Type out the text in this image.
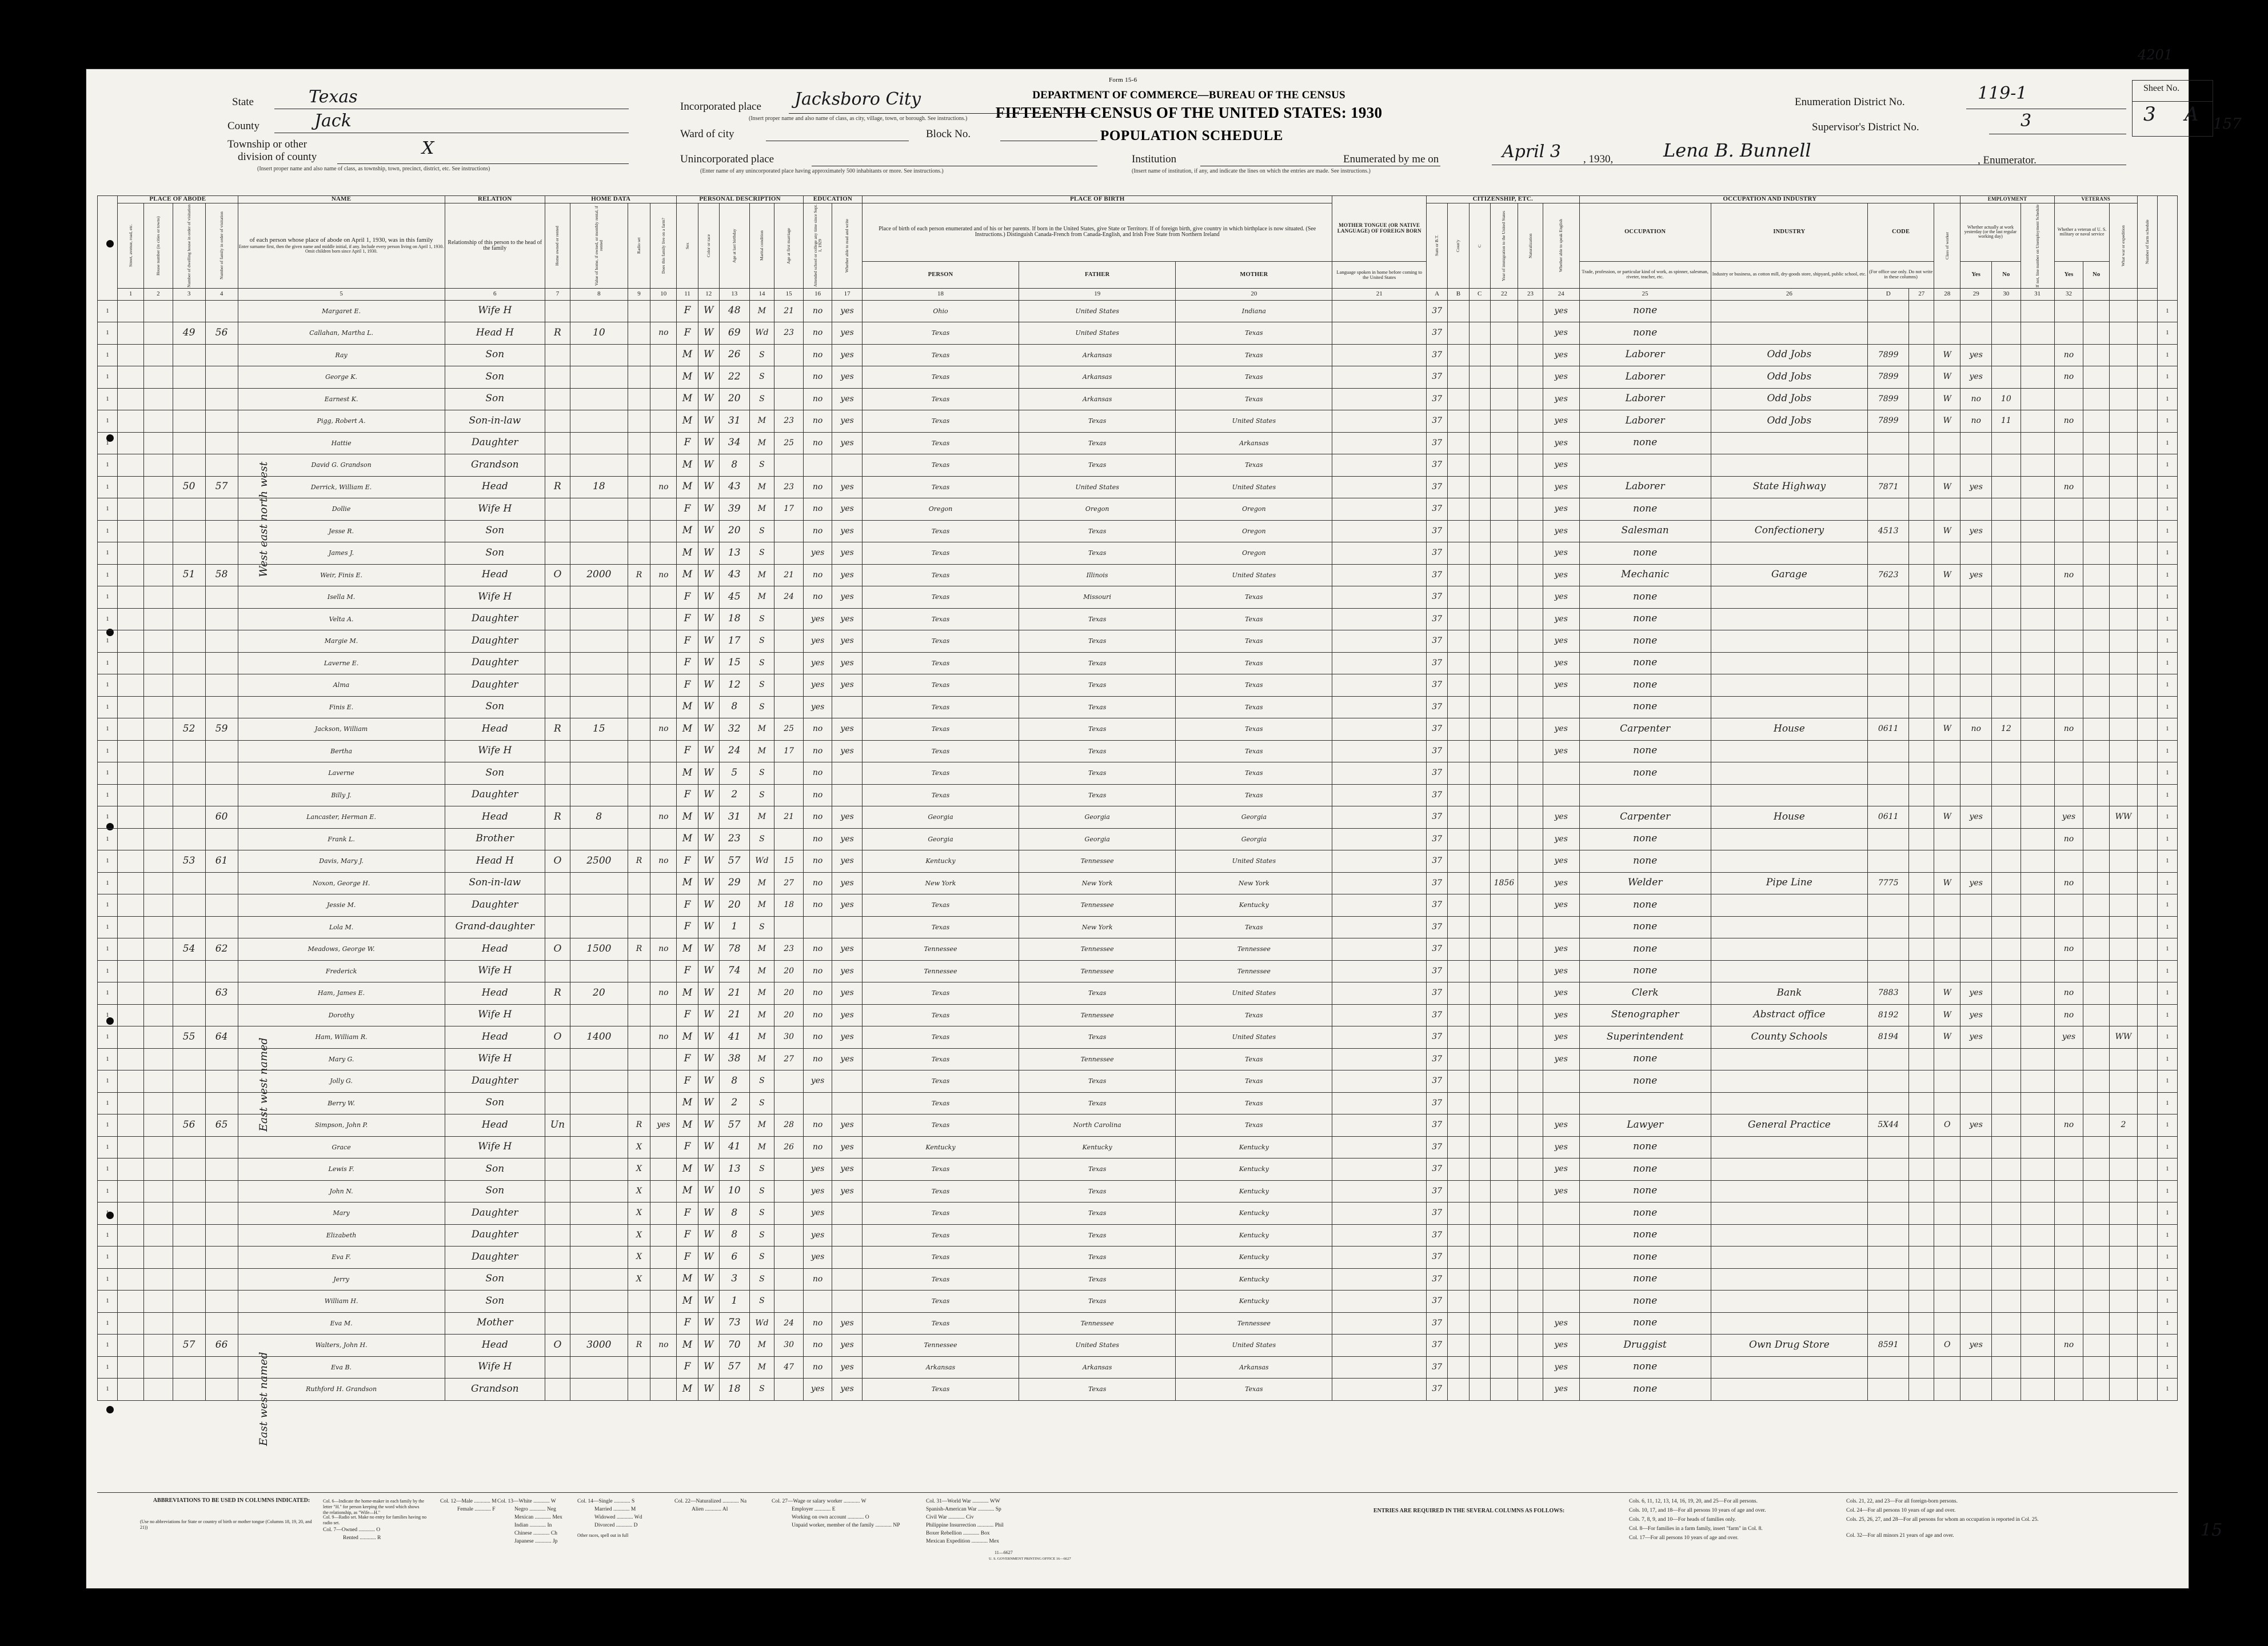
Form 15-6
DEPARTMENT OF COMMERCE—BUREAU OF THE CENSUS
FIFTEENTH CENSUS OF THE UNITED STATES: 1930
POPULATION SCHEDULE
State	Texas
County	Jack
Township or other
division of county	X
(Insert proper name and also name of class, as township, town, precinct, district, etc. See instructions)
Incorporated place Jacksboro City
(Insert proper name and also name of class, as city, village, town, or borough. See instructions.)
Ward of city	Block No.
Unincorporated place
(Enter name of any unincorporated place having approximately 500 inhabitants or more. See instructions.)
Institution
(Insert name of institution, if any, and indicate the lines on which the entries are made. See instructions.)
Enumeration District No.	119-1
Supervisor's District No.	3
Sheet No.
3 A 157
4201
Enumerated by me on	April 3 , 1930,	Lena B. Bunnell	, Enumerator.
West east north west
East west named
East west named
	PLACE OF ABODE				NAME	RELATION	HOME DATA				PERSONAL DESCRIPTION					EDUCATION		PLACE OF BIRTH			MOTHER TONGUE (OR NATIVE LANGUAGE) OF FOREIGN BORN	CITIZENSHIP, ETC.						OCCUPATION AND INDUSTRY					EMPLOYMENT			VETERANS			Number of farm schedule	

Street, avenue, road, etc.	House number (in cities or towns)	Number of dwelling house in order of visitation	Number of family in order of visitation	of each person whose place of abode on April 1, 1930, was in this family
Enter surname first, then the given name and middle initial, if any. Include every person living on April 1, 1930. Omit children born since April 1, 1930.

Relationship of this person to the head of the family	Home owned or rented	Value of home, if owned, or monthly rental, if rented	Radio set	Does this family live on a farm?	Sex	Color or race	Age at last birthday	Marital condition	Age at first marriage	Attended school or college any time since Sept. 1, 1929	Whether able to read and write	Place of birth of each person enumerated and of his or her parents. If born in the United States, give State or Territory. If of foreign birth, give country in which birthplace is now situated. (See Instructions.) Distinguish Canada-French from Canada-English, and Irish Free State from Northern Ireland

Sum or B.T.	Coun'y	C	Year of immigration to the United States	Naturalization	Whether able to speak English	OCCUPATION	INDUSTRY	CODE	Class of worker

Whether actually at work yesterday (or the last regular working day)	If not, line number on Unemployment Schedule	Whether a veteran of U. S. military or naval service	What war or expedition

																		PERSON	FATHER	MOTHER	Language spoken in home before coming to the United States							Trade, profession, or particular kind of work, as spinner, salesman, riveter, teacher, etc.	Industry or business, as cotton mill, dry-goods store, shipyard, public school, etc.	(For office use only. Do not write in these columns)			Yes	No		Yes	No			
	1	2	3	4	5	6	7	8	9	10	11	12	13	14	15	16	17	18	19	20	21	A	B	C	22	23	24	25	26	D	27	28	29	30	31	32				
1					Margaret E.	Wife H					F	W	48	M	21	no	yes	Ohio	United States	Indiana		37					yes	none												1
1			49	56	Callahan, Martha L.	Head H	R	10		no	F	W	69	Wd	23	no	yes	Texas	United States	Texas		37					yes	none												1
1					Ray	Son					M	W	26	S		no	yes	Texas	Arkansas	Texas		37					yes	Laborer	Odd Jobs	7899		W	yes			no				1
1					George K.	Son					M	W	22	S		no	yes	Texas	Arkansas	Texas		37					yes	Laborer	Odd Jobs	7899		W	yes			no				1
1					Earnest K.	Son					M	W	20	S		no	yes	Texas	Arkansas	Texas		37					yes	Laborer	Odd Jobs	7899		W	no	10						1
1					Pigg, Robert A.	Son-in-law					M	W	31	M	23	no	yes	Texas	Texas	United States		37					yes	Laborer	Odd Jobs	7899		W	no	11		no				1
1					Hattie	Daughter					F	W	34	M	25	no	yes	Texas	Texas	Arkansas		37					yes	none												1
1					David G. Grandson	Grandson					M	W	8	S				Texas	Texas	Texas		37					yes													1
1			50	57	Derrick, William E.	Head	R	18		no	M	W	43	M	23	no	yes	Texas	United States	United States		37					yes	Laborer	State Highway	7871		W	yes			no				1
1					Dollie	Wife H					F	W	39	M	17	no	yes	Oregon	Oregon	Oregon		37					yes	none												1
1					Jesse R.	Son					M	W	20	S		no	yes	Texas	Texas	Oregon		37					yes	Salesman	Confectionery	4513		W	yes							1
1					James J.	Son					M	W	13	S		yes	yes	Texas	Texas	Oregon		37					yes	none												1
1			51	58	Weir, Finis E.	Head	O	2000	R	no	M	W	43	M	21	no	yes	Texas	Illinois	United States		37					yes	Mechanic	Garage	7623		W	yes			no				1
1					Isella M.	Wife H					F	W	45	M	24	no	yes	Texas	Missouri	Texas		37					yes	none												1
1					Velta A.	Daughter					F	W	18	S		yes	yes	Texas	Texas	Texas		37					yes	none												1
1					Margie M.	Daughter					F	W	17	S		yes	yes	Texas	Texas	Texas		37					yes	none												1
1					Laverne E.	Daughter					F	W	15	S		yes	yes	Texas	Texas	Texas		37					yes	none												1
1					Alma	Daughter					F	W	12	S		yes	yes	Texas	Texas	Texas		37					yes	none												1
1					Finis E.	Son					M	W	8	S		yes		Texas	Texas	Texas		37						none												1
1			52	59	Jackson, William	Head	R	15		no	M	W	32	M	25	no	yes	Texas	Texas	Texas		37					yes	Carpenter	House	0611		W	no	12		no				1
1					Bertha	Wife H					F	W	24	M	17	no	yes	Texas	Texas	Texas		37					yes	none												1
1					Laverne	Son					M	W	5	S		no		Texas	Texas	Texas		37						none												1
1					Billy J.	Daughter					F	W	2	S		no		Texas	Texas	Texas		37																		1
1				60	Lancaster, Herman E.	Head	R	8		no	M	W	31	M	21	no	yes	Georgia	Georgia	Georgia		37					yes	Carpenter	House	0611		W	yes			yes		WW		1
1					Frank L.	Brother					M	W	23	S		no	yes	Georgia	Georgia	Georgia		37					yes	none								no				1
1			53	61	Davis, Mary J.	Head H	O	2500	R	no	F	W	57	Wd	15	no	yes	Kentucky	Tennessee	United States		37					yes	none												1
1					Noxon, George H.	Son-in-law					M	W	29	M	27	no	yes	New York	New York	New York		37			1856		yes	Welder	Pipe Line	7775		W	yes			no				1
1					Jessie M.	Daughter					F	W	20	M	18	no	yes	Texas	Tennessee	Kentucky		37					yes	none												1
1					Lola M.	Grand-daughter					F	W	1	S				Texas	New York	Texas		37						none												1
1			54	62	Meadows, George W.	Head	O	1500	R	no	M	W	78	M	23	no	yes	Tennessee	Tennessee	Tennessee		37					yes	none								no				1
1					Frederick	Wife H					F	W	74	M	20	no	yes	Tennessee	Tennessee	Tennessee		37					yes	none												1
1				63	Ham, James E.	Head	R	20		no	M	W	21	M	20	no	yes	Texas	Texas	United States		37					yes	Clerk	Bank	7883		W	yes			no				1
1					Dorothy	Wife H					F	W	21	M	20	no	yes	Texas	Tennessee	Texas		37					yes	Stenographer	Abstract office	8192		W	yes			no				1
1			55	64	Ham, William R.	Head	O	1400		no	M	W	41	M	30	no	yes	Texas	Texas	United States		37					yes	Superintendent	County Schools	8194		W	yes			yes		WW		1
1					Mary G.	Wife H					F	W	38	M	27	no	yes	Texas	Tennessee	Texas		37					yes	none												1
1					Jolly G.	Daughter					F	W	8	S		yes		Texas	Texas	Texas		37						none												1
1					Berry W.	Son					M	W	2	S				Texas	Texas	Texas		37																		1
1			56	65	Simpson, John P.	Head	Un		R	yes	M	W	57	M	28	no	yes	Texas	North Carolina	Texas		37					yes	Lawyer	General Practice	5X44		O	yes			no		2		1
1					Grace	Wife H			X		F	W	41	M	26	no	yes	Kentucky	Kentucky	Kentucky		37					yes	none												1
1					Lewis F.	Son			X		M	W	13	S		yes	yes	Texas	Texas	Kentucky		37					yes	none												1
1					John N.	Son			X		M	W	10	S		yes	yes	Texas	Texas	Kentucky		37					yes	none												1
1					Mary	Daughter			X		F	W	8	S		yes		Texas	Texas	Kentucky		37						none												1
1					Elizabeth	Daughter			X		F	W	8	S		yes		Texas	Texas	Kentucky		37						none												1
1					Eva F.	Daughter			X		F	W	6	S		yes		Texas	Texas	Kentucky		37						none												1
1					Jerry	Son			X		M	W	3	S		no		Texas	Texas	Kentucky		37						none												1
1					William H.	Son					M	W	1	S				Texas	Texas	Kentucky		37						none												1
1					Eva M.	Mother					F	W	73	Wd	24	no	yes	Texas	Tennessee	Tennessee		37					yes	none												1
1			57	66	Walters, John H.	Head	O	3000	R	no	M	W	70	M	30	no	yes	Tennessee	United States	United States		37					yes	Druggist	Own Drug Store	8591		O	yes			no				1
1					Eva B.	Wife H					F	W	57	M	47	no	yes	Arkansas	Arkansas	Arkansas		37					yes	none												1
1					Ruthford H. Grandson	Grandson					M	W	18	S		yes	yes	Texas	Texas	Texas		37					yes	none												1
ABBREVIATIONS TO BE USED IN COLUMNS INDICATED:
(Use no abbreviations for State or country of birth or mother tongue (Columns 18, 19, 20, and 21))
Col. 6—Indicate the home-maker in each family by the letter "H." for person keeping the word which shows the relationship, as "Wife—H."
Col. 7—Owned ............ O
Rented ............ R
Col. 9—Radio set. Make no entry for families having no radio set.
Col. 12—Male ............ M
Female ............ F
Col. 13—White ............ W
Negro ............ Neg
Mexican ............ Mex
Indian ............ In
Chinese ............ Ch
Japanese ............ Jp
Col. 14—Single ............ S
Married ............ M
Widowed ............ Wd
Divorced ............ D
Other races, spell out in full
Col. 22—Naturalized ............ Na
Alien ............ Al
Col. 27—Wage or salary worker ............ W
Employer ............ E
Working on own account ............ O
Unpaid worker, member of the family ............ NP
Col. 31—World War ............ WW
Spanish-American War ............ Sp
Civil War ............ Civ
Philippine Insurrection ............ Phil
Boxer Rebellion ............ Box
Mexican Expedition ............ Mex
ENTRIES ARE REQUIRED IN THE SEVERAL COLUMNS AS FOLLOWS:
Cols. 6, 11, 12, 13, 14, 16, 19, 20, and 25—For all persons.
Cols. 10, 17, and 18—For all persons 10 years of age and over.
Cols. 7, 8, 9, and 10—For heads of families only.
Col. 8—For families in a farm family, insert "farm" in Col. 8.
Col. 17—For all persons 10 years of age and over.
Cols. 21, 22, and 23—For all foreign-born persons.
Col. 24—For all persons 10 years of age and over.
Cols. 25, 26, 27, and 28—For all persons for whom an occupation is reported in Col. 25.
Col. 32—For all minors 21 years of age and over.
11—6627
U. S. GOVERNMENT PRINTING OFFICE 16—6627
15
